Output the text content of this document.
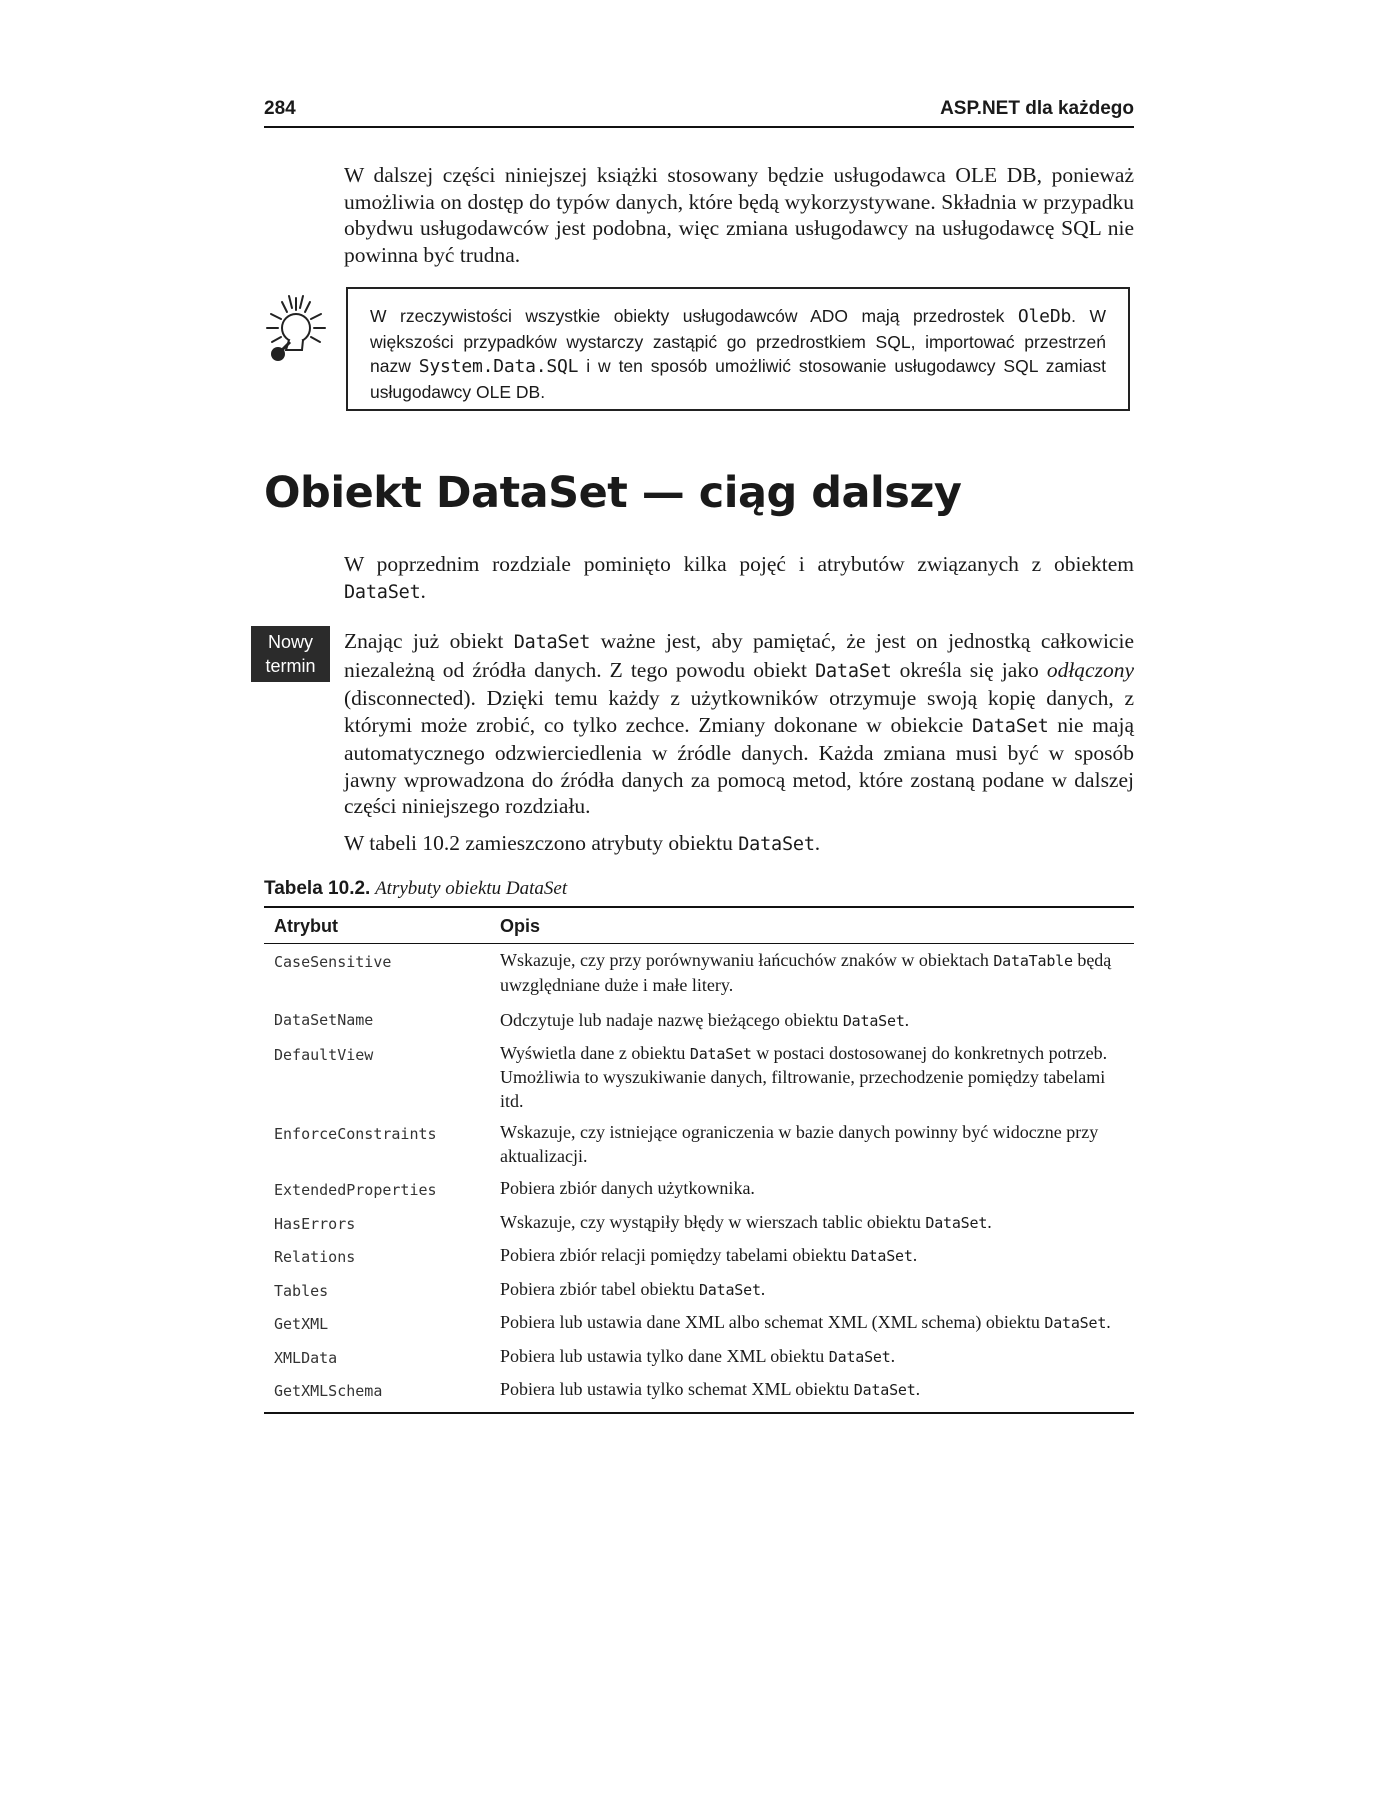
284	ASP.NET dla każdego

W dalszej części niniejszej książki stosowany będzie usługodawca OLE DB, ponieważ umożliwia on dostęp do typów danych, które będą wykorzystywane. Składnia w przypadku obydwu usługodawców jest podobna, więc zmiana usługodawcy na usługodawcę SQL nie powinna być trudna.

W rzeczywistości wszystkie obiekty usługodawców ADO mają przedrostek OleDb. W większości przypadków wystarczy zastąpić go przedrostkiem SQL, importować przestrzeń nazw System.Data.SQL i w ten sposób umożliwić stosowanie usługodawcy SQL zamiast usługodawcy OLE DB.
Obiekt DataSet — ciąg dalszy

W poprzednim rozdziale pominięto kilka pojęć i atrybutów związanych z obiektem DataSet.

Nowy
termin

Znając już obiekt DataSet ważne jest, aby pamiętać, że jest on jednostką całkowicie niezależną od źródła danych. Z tego powodu obiekt DataSet określa się jako odłączony (disconnected). Dzięki temu każdy z użytkowników otrzymuje swoją kopię danych, z którymi może zrobić, co tylko zechce. Zmiany dokonane w obiekcie DataSet nie mają automatycznego odzwierciedlenia w źródle danych. Każda zmiana musi być w sposób jawny wprowadzona do źródła danych za pomocą metod, które zostaną podane w dalszej części niniejszego rozdziału.

W tabeli 10.2 zamieszczono atrybuty obiektu DataSet.

Tabela 10.2. Atrybuty obiektu DataSet
Atrybut	Opis
CaseSensitive	Wskazuje, czy przy porównywaniu łańcuchów znaków w obiektach DataTable będą uwzględniane duże i małe litery.
DataSetName	Odczytuje lub nadaje nazwę bieżącego obiektu DataSet.
DefaultView	Wyświetla dane z obiektu DataSet w postaci dostosowanej do konkretnych potrzeb. Umożliwia to wyszukiwanie danych, filtrowanie, przechodzenie pomiędzy tabelami itd.
EnforceConstraints	Wskazuje, czy istniejące ograniczenia w bazie danych powinny być widoczne przy aktualizacji.
ExtendedProperties	Pobiera zbiór danych użytkownika.
HasErrors	Wskazuje, czy wystąpiły błędy w wierszach tablic obiektu DataSet.
Relations	Pobiera zbiór relacji pomiędzy tabelami obiektu DataSet.
Tables	Pobiera zbiór tabel obiektu DataSet.
GetXML	Pobiera lub ustawia dane XML albo schemat XML (XML schema) obiektu DataSet.
XMLData	Pobiera lub ustawia tylko dane XML obiektu DataSet.
GetXMLSchema	Pobiera lub ustawia tylko schemat XML obiektu DataSet.
